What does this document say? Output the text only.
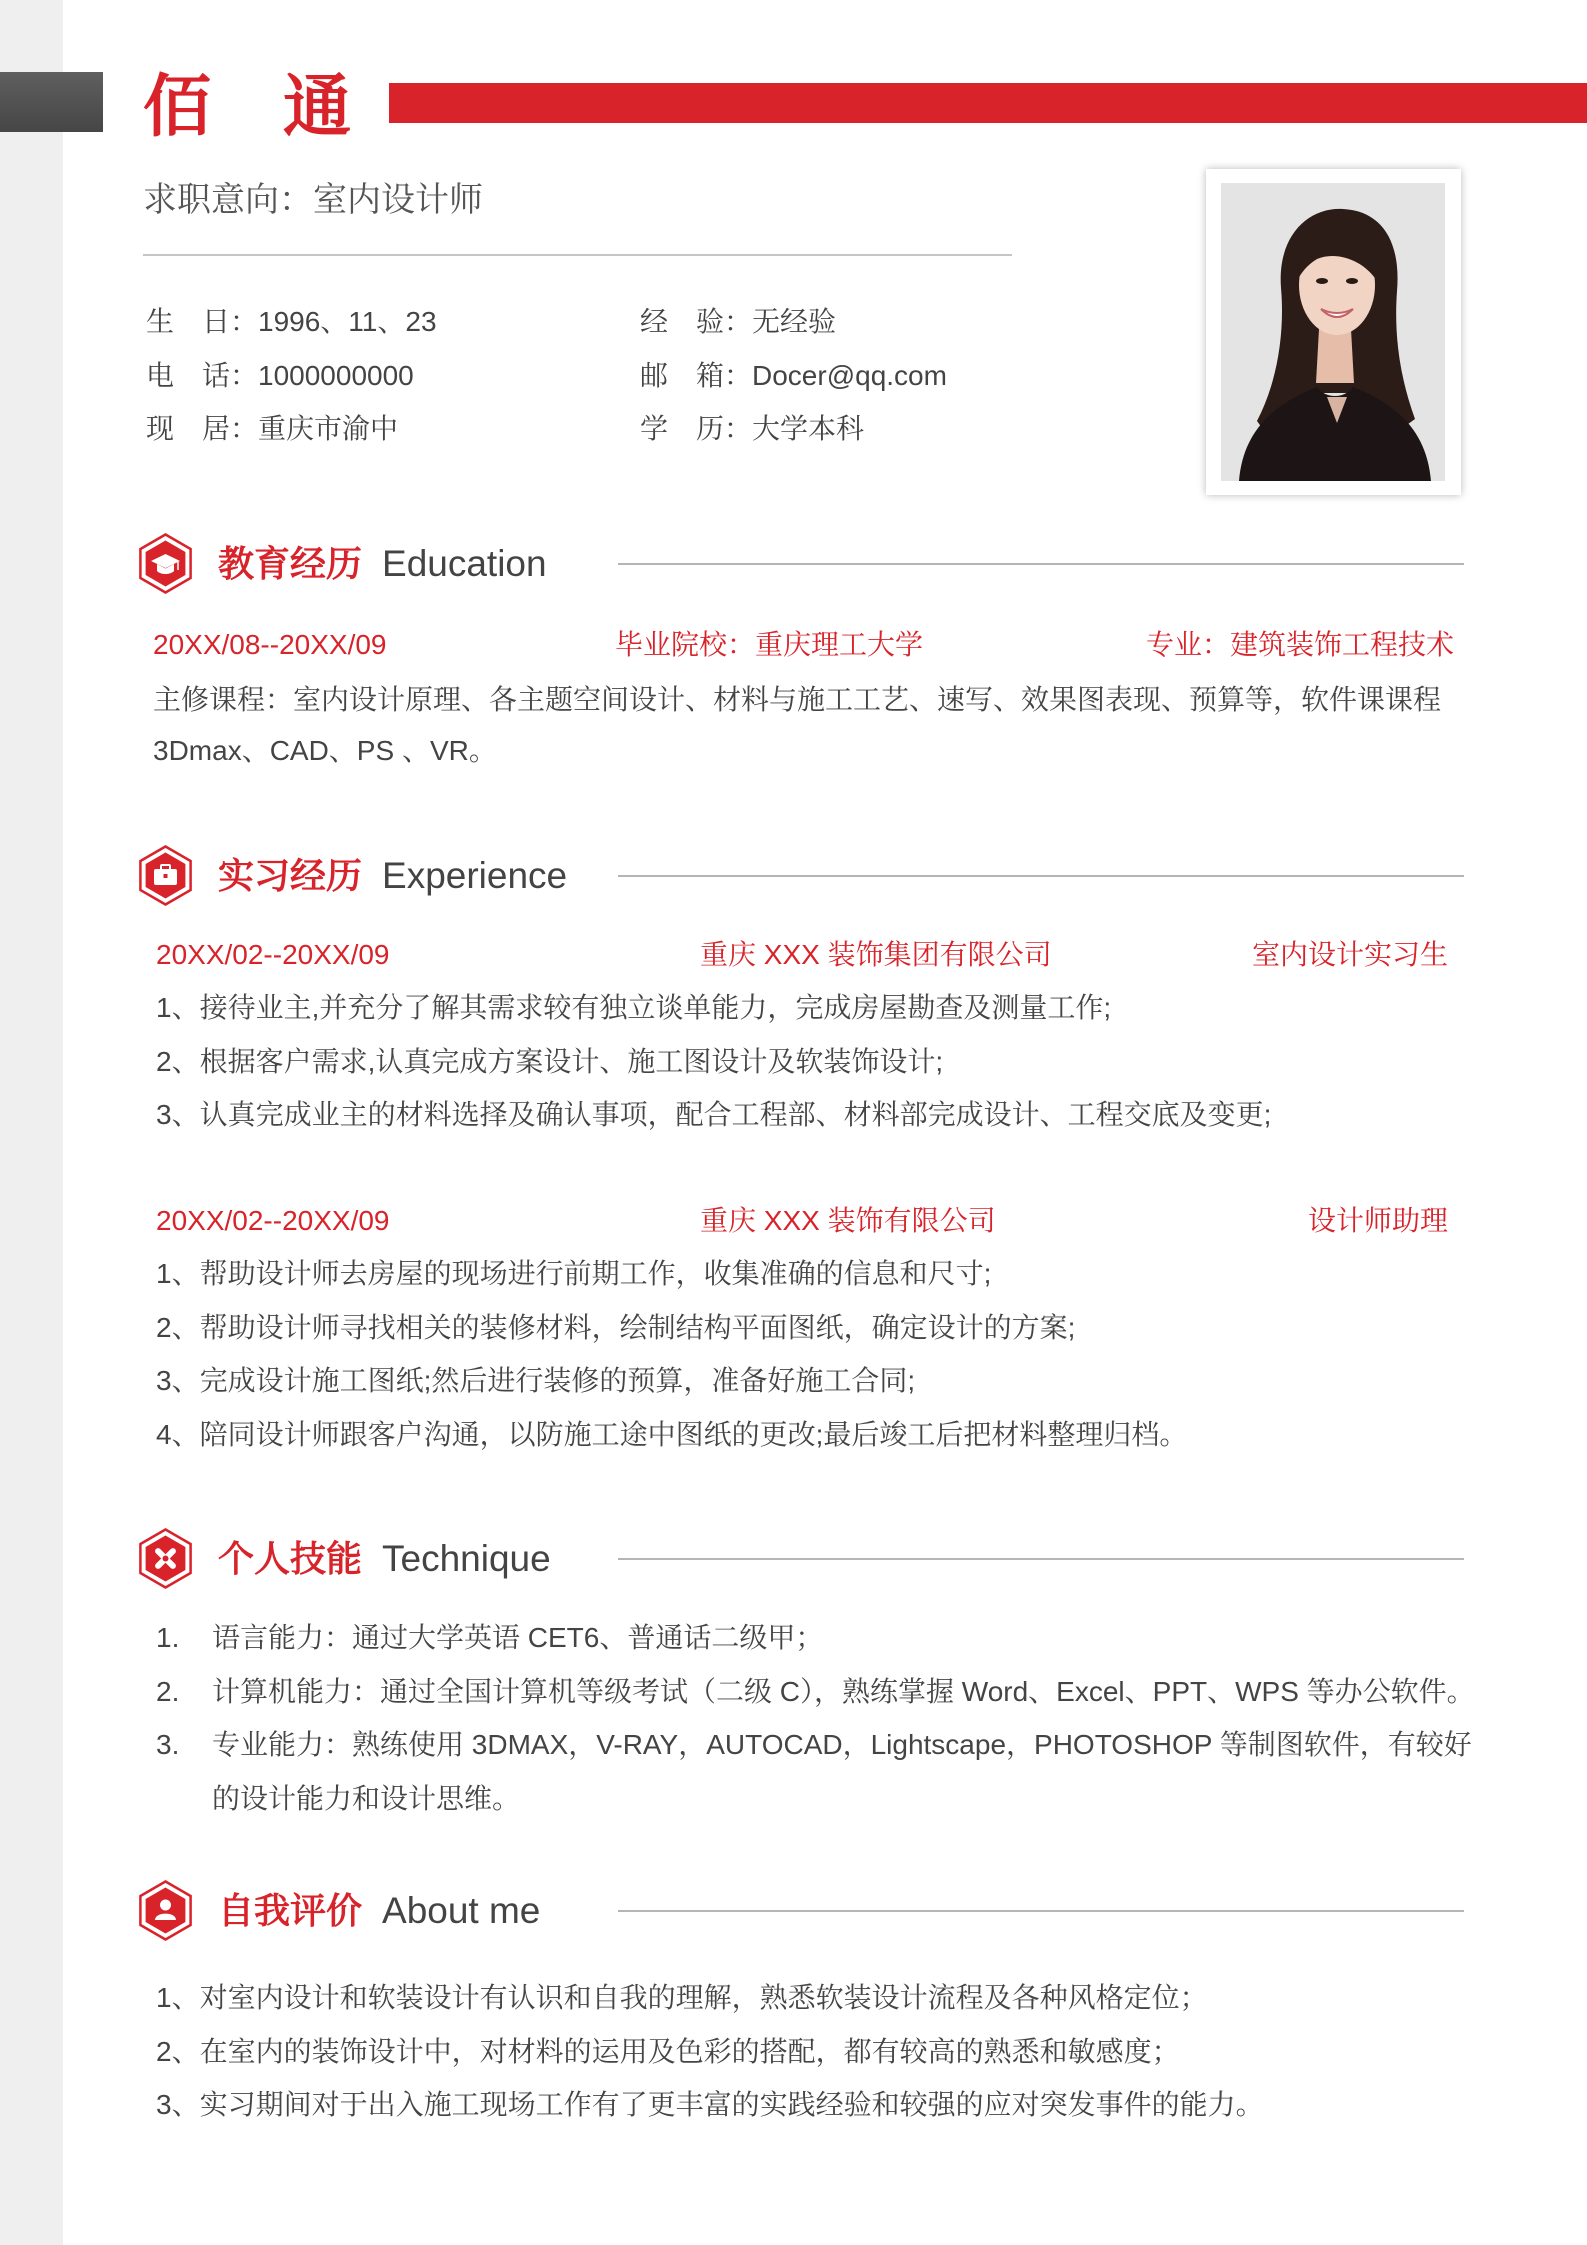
佰通
求职意向：室内设计师
生　日：1996、11、23
电　话：1000000000
现　居：重庆市渝中
经　验：无经验
邮　箱：Docer@qq.com
学　历：大学本科
教育经历 Education
20XX/08--20XX/09	毕业院校：重庆理工大学	专业：建筑装饰工程技术
主修课程：室内设计原理、各主题空间设计、材料与施工工艺、速写、效果图表现、预算等，软件课课程3Dmax、CAD、PS 、VR。
实习经历 Experience
20XX/02--20XX/09	重庆 XXX 装饰集团有限公司	室内设计实习生
1、接待业主,并充分了解其需求较有独立谈单能力，完成房屋勘查及测量工作;
2、根据客户需求,认真完成方案设计、施工图设计及软装饰设计;
3、认真完成业主的材料选择及确认事项，配合工程部、材料部完成设计、工程交底及变更;
20XX/02--20XX/09	重庆 XXX 装饰有限公司	设计师助理
1、帮助设计师去房屋的现场进行前期工作，收集准确的信息和尺寸;
2、帮助设计师寻找相关的装修材料，绘制结构平面图纸，确定设计的方案;
3、完成设计施工图纸;然后进行装修的预算，准备好施工合同;
4、陪同设计师跟客户沟通，以防施工途中图纸的更改;最后竣工后把材料整理归档。
个人技能 Technique
1.	语言能力：通过大学英语 CET6、普通话二级甲；
2.	计算机能力：通过全国计算机等级考试（二级 C），熟练掌握 Word、Excel、PPT、WPS 等办公软件。
3.	专业能力：熟练使用 3DMAX，V-RAY，AUTOCAD，Lightscape，PHOTOSHOP 等制图软件，有较好的设计能力和设计思维。
自我评价 About me
1、对室内设计和软装设计有认识和自我的理解，熟悉软装设计流程及各种风格定位；
2、在室内的装饰设计中，对材料的运用及色彩的搭配，都有较高的熟悉和敏感度；
3、实习期间对于出入施工现场工作有了更丰富的实践经验和较强的应对突发事件的能力。
